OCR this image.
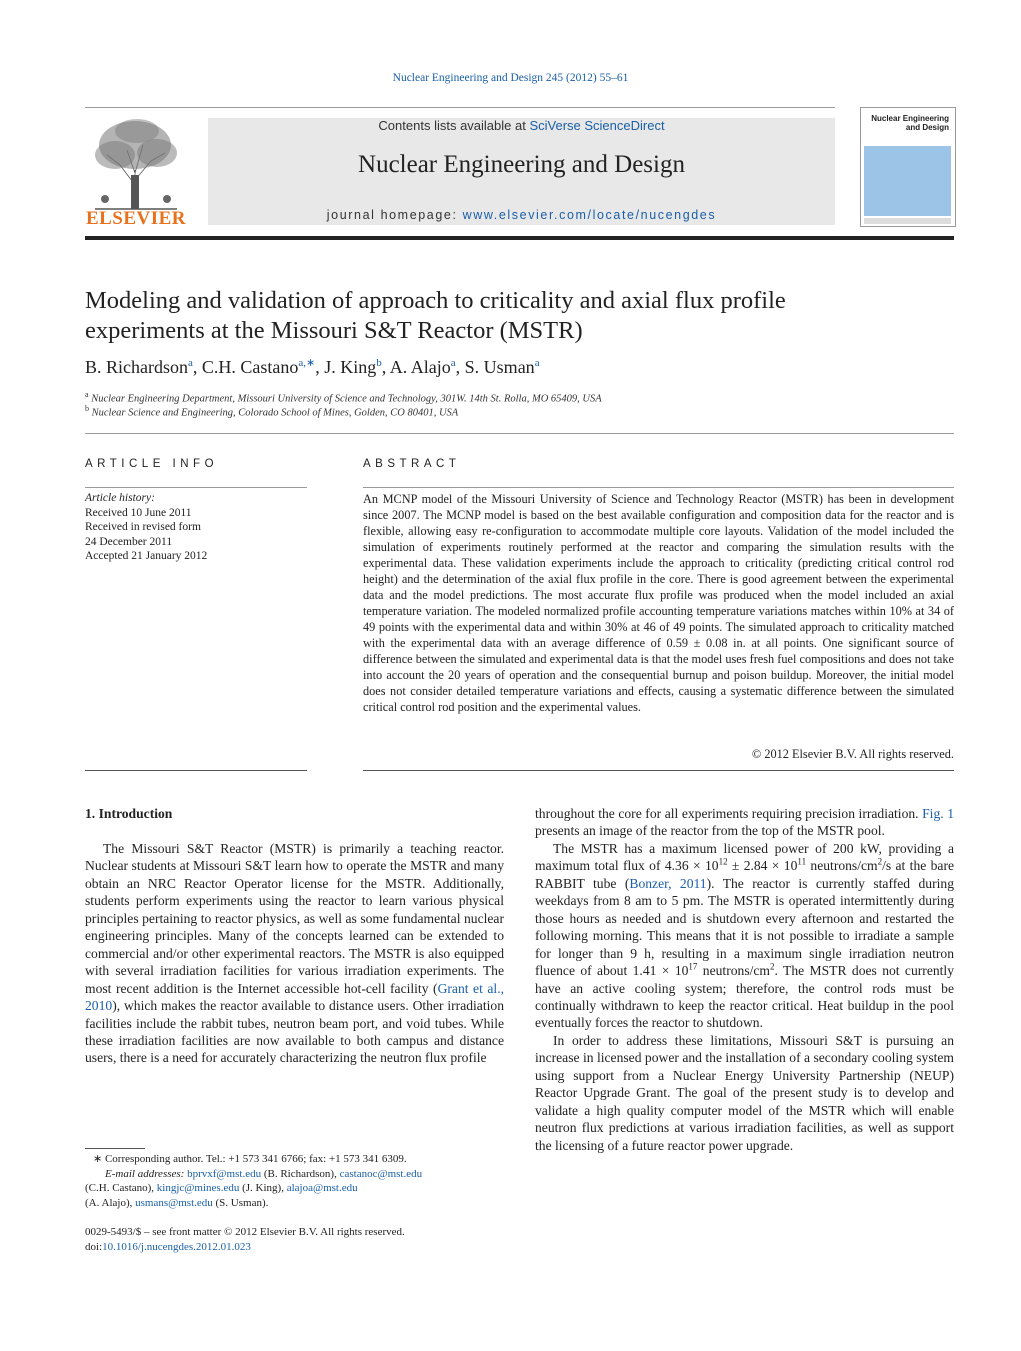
Nuclear Engineering and Design 245 (2012) 55–61
ELSEVIER
Contents lists available at SciVerse ScienceDirect
Nuclear Engineering and Design
journal homepage: www.elsevier.com/locate/nucengdes
Nuclear Engineering
and Design
Modeling and validation of approach to criticality and axial flux profile
experiments at the Missouri S&T Reactor (MSTR)
B. Richardson$^a$, C.H. Castano$^{a,∗}$, J. King$^b$, A. Alajo$^a$, S. Usman$^a$
$^a$ Nuclear Engineering Department, Missouri University of Science and Technology, 301W. 14th St. Rolla, MO 65409, USA
$^b$ Nuclear Science and Engineering, Colorado School of Mines, Golden, CO 80401, USA
ARTICLE INFO
Article history:
Received 10 June 2011
Received in revised form
24 December 2011
Accepted 21 January 2012
ABSTRACT
An MCNP model of the Missouri University of Science and Technology Reactor (MSTR) has been in development since 2007. The MCNP model is based on the best available configuration and composition data for the reactor and is flexible, allowing easy re-configuration to accommodate multiple core layouts. Validation of the model included the simulation of experiments routinely performed at the reactor and comparing the simulation results with the experimental data. These validation experiments include the approach to criticality (predicting critical control rod height) and the determination of the axial flux profile in the core. There is good agreement between the experimental data and the model predictions. The most accurate flux profile was produced when the model included an axial temperature variation. The modeled normalized profile accounting temperature variations matches within 10% at 34 of 49 points with the experimental data and within 30% at 46 of 49 points. The simulated approach to criticality matched with the experimental data with an average difference of 0.59 ± 0.08 in. at all points. One significant source of difference between the simulated and experimental data is that the model uses fresh fuel compositions and does not take into account the 20 years of operation and the consequential burnup and poison buildup. Moreover, the initial model does not consider detailed temperature variations and effects, causing a systematic difference between the simulated critical control rod position and the experimental values.
© 2012 Elsevier B.V. All rights reserved.
1. Introduction

The Missouri S&T Reactor (MSTR) is primarily a teaching reactor. Nuclear students at Missouri S&T learn how to operate the MSTR and many obtain an NRC Reactor Operator license for the MSTR. Additionally, students perform experiments using the reactor to learn various physical principles pertaining to reactor physics, as well as some fundamental nuclear engineering principles. Many of the concepts learned can be extended to commercial and/or other experimental reactors. The MSTR is also equipped with several irradiation facilities for various irradiation experiments. The most recent addition is the Internet accessible hot-cell facility (Grant et al., 2010), which makes the reactor available to distance users. Other irradiation facilities include the rabbit tubes, neutron beam port, and void tubes. While these irradiation facilities are now available to both campus and distance users, there is a need for accurately characterizing the neutron flux profile

throughout the core for all experiments requiring precision irradiation. Fig. 1 presents an image of the reactor from the top of the MSTR pool.

The MSTR has a maximum licensed power of 200 kW, providing a maximum total flux of $4.36 \times 10^{12} \pm 2.84 \times 10^{11}$ neutrons/$cm^2/s$ at the bare RABBIT tube (Bonzer, 2011). The reactor is currently staffed during weekdays from 8 am to 5 pm. The MSTR is operated intermittently during those hours as needed and is shutdown every afternoon and restarted the following morning. This means that it is not possible to irradiate a sample for longer than 9 h, resulting in a maximum single irradiation neutron fluence of about $1.41 \times 10^{17}$ neutrons/$cm^2$. The MSTR does not currently have an active cooling system; therefore, the control rods must be continually withdrawn to keep the reactor critical. Heat buildup in the pool eventually forces the reactor to shutdown.

In order to address these limitations, Missouri S&T is pursuing an increase in licensed power and the installation of a secondary cooling system using support from a Nuclear Energy University Partnership (NEUP) Reactor Upgrade Grant. The goal of the present study is to develop and validate a high quality computer model of the MSTR which will enable neutron flux predictions at various irradiation facilities, as well as support the licensing of a future reactor power upgrade.

∗ Corresponding author. Tel.: +1 573 341 6766; fax: +1 573 341 6309.
E-mail addresses: bprvxf@mst.edu (B. Richardson), castanoc@mst.edu
(C.H. Castano), kingjc@mines.edu (J. King), alajoa@mst.edu
(A. Alajo), usmans@mst.edu (S. Usman).
0029-5493/$ – see front matter © 2012 Elsevier B.V. All rights reserved.
doi:10.1016/j.nucengdes.2012.01.023
